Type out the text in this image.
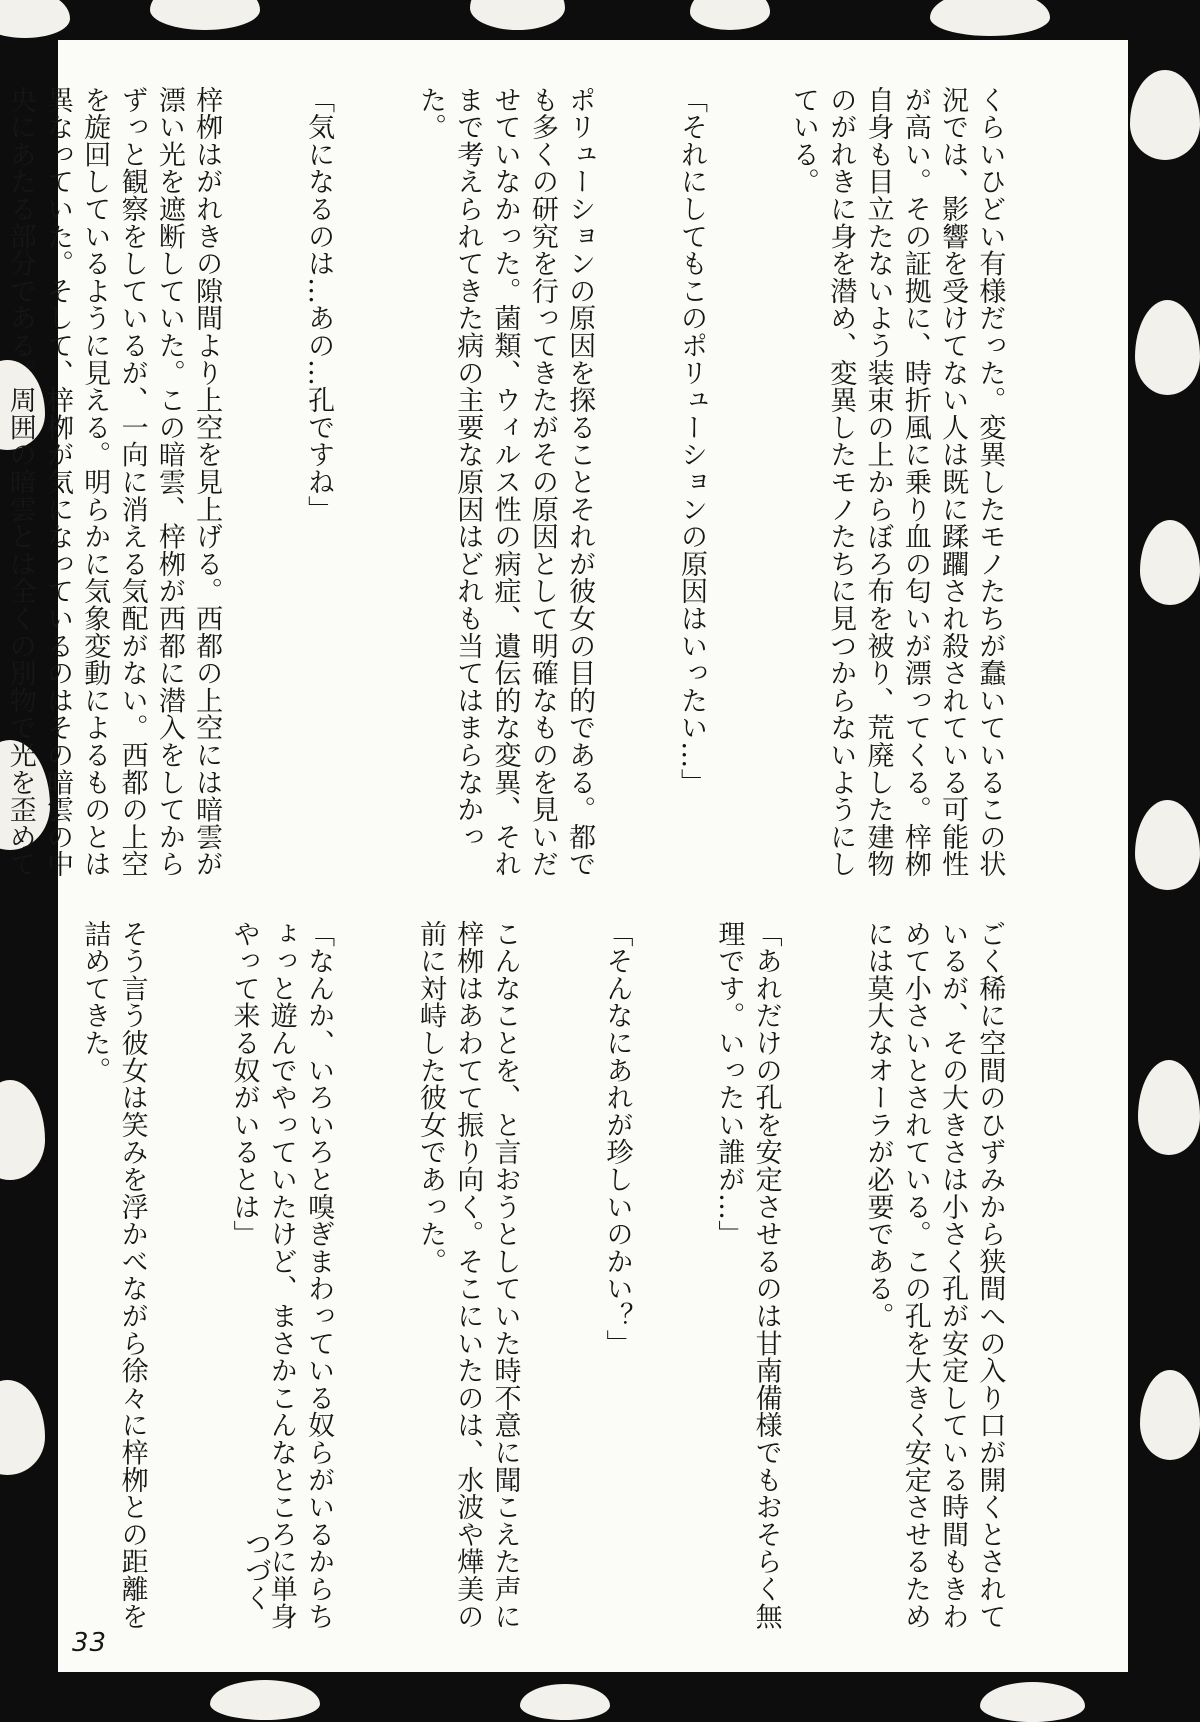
くらいひどい有様だった。変異したモノたちが蠢いているこの状況では、影響を受けてない人は既に蹂躙され殺されている可能性が高い。その証拠に、時折風に乗り血の匂いが漂ってくる。梓栁自身も目立たないよう装束の上からぼろ布を被り、荒廃した建物のがれきに身を潜め、変異したモノたちに見つからないようにしている。

「それにしてもこのポリューションの原因はいったい…」

ポリューションの原因を探ることそれが彼女の目的である。都でも多くの研究を行ってきたがその原因として明確なものを見いだせていなかった。菌類、ウィルス性の病症、遺伝的な変異、それまで考えられてきた病の主要な原因はどれも当てはまらなかった。

「気になるのは…あの…孔ですね」

梓栁はがれきの隙間より上空を見上げる。西都の上空には暗雲が漂い光を遮断していた。この暗雲、梓栁が西都に潜入をしてからずっと観察をしているが、一向に消える気配がない。西都の上空を旋回しているように見える。明らかに気象変動によるものとは異なっていた。そして、梓栁が気になっているのはその暗雲の中央にあたる部分である。周囲の暗雲とは全くの別物で光を歪めて

ごく稀に空間のひずみから狭間への入り口が開くとされているが、その大きさは小さく孔が安定している時間もきわめて小さいとされている。この孔を大きく安定させるためには莫大なオーラが必要である。

「あれだけの孔を安定させるのは甘南備様でもおそらく無理です。いったい誰が…」

「そんなにあれが珍しいのかい？」

こんなことを、と言おうとしていた時不意に聞こえた声に梓栁はあわてて振り向く。そこにいたのは、水波や燁美の前に対峙した彼女であった。

「なんか、いろいろと嗅ぎまわっている奴らがいるからちょっと遊んでやっていたけど、まさかこんなところに単身やって来る奴がいるとは」

そう言う彼女は笑みを浮かべながら徐々に梓栁との距離を詰めてきた。

つづく
33
